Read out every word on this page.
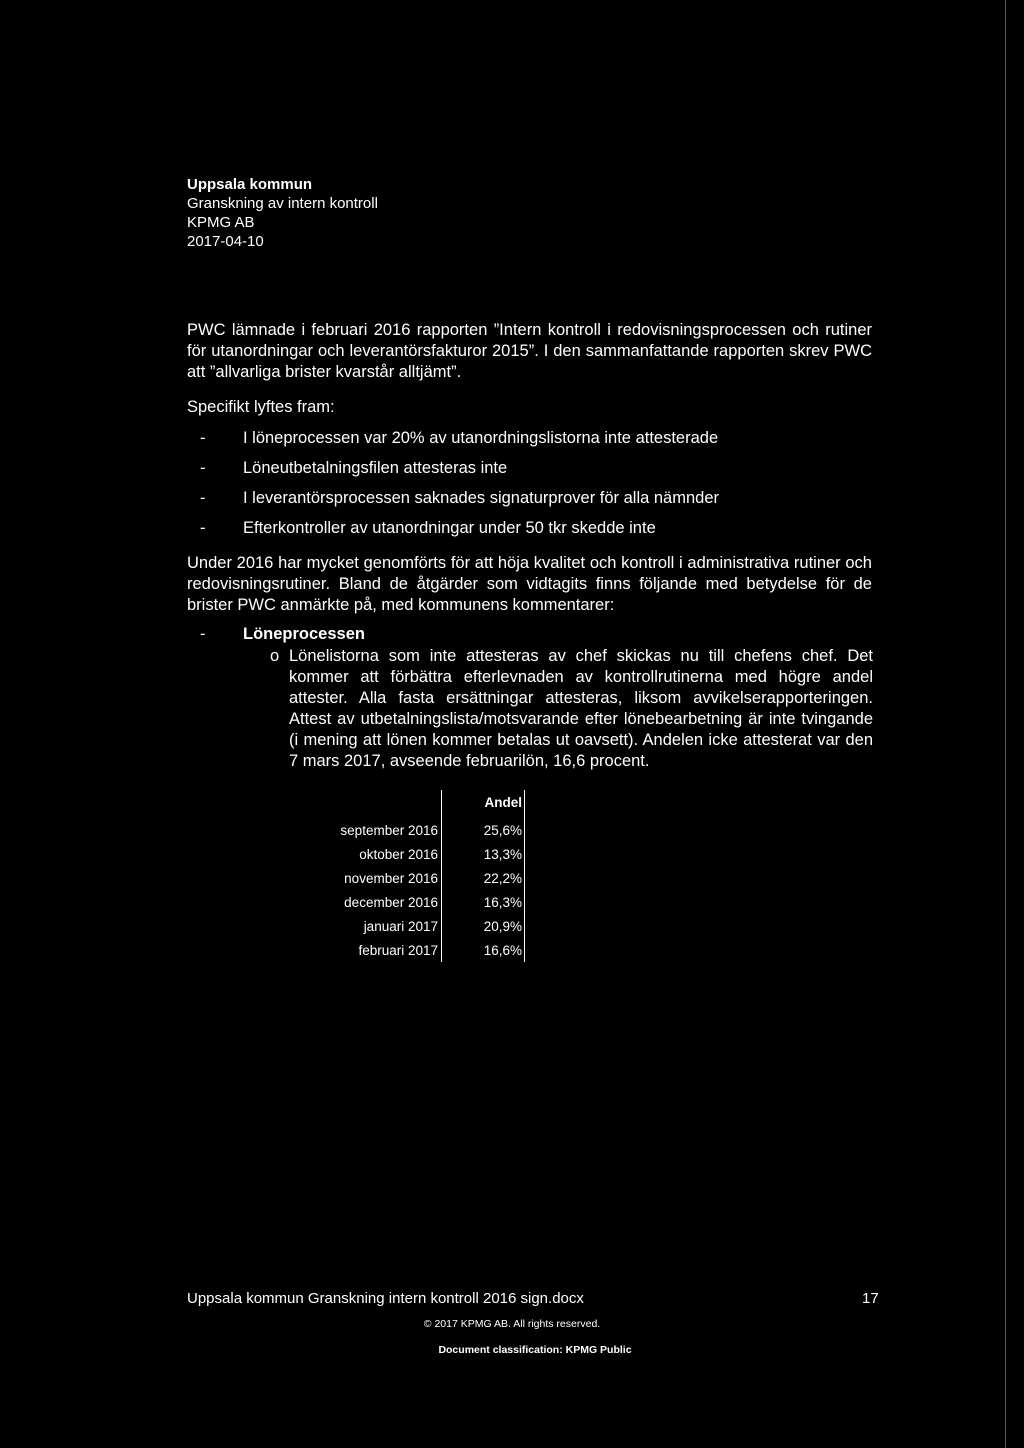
Uppsala kommun
Granskning av intern kontroll
KPMG AB
2017-04-10

PWC lämnade i februari 2016 rapporten ”Intern kontroll i redovisningsprocessen och rutiner för utanordningar och leverantörsfakturor 2015”. I den sammanfattande rapporten skrev PWC att ”allvarliga brister kvarstår alltjämt”.

Specifikt lyftes fram:
- I löneprocessen var 20% av utanordningslistorna inte attesterade
- Löneutbetalningsfilen attesteras inte
- I leverantörsprocessen saknades signaturprover för alla nämnder
- Efterkontroller av utanordningar under 50 tkr skedde inte
Under 2016 har mycket genomförts för att höja kvalitet och kontroll i administrativa rutiner och redovisningsrutiner. Bland de åtgärder som vidtagits finns följande med betydelse för de brister PWC anmärkte på, med kommunens kommentarer:
- Löneprocessen
o Lönelistorna som inte attesteras av chef skickas nu till chefens chef. Det kommer att förbättra efterlevnaden av kontrollrutinerna med högre andel attester. Alla fasta ersättningar attesteras, liksom avvikelserapporteringen. Attest av utbetalningslista/motsvarande efter lönebearbetning är inte tvingande (i mening att lönen kommer betalas ut oavsett). Andelen icke attesterat var den 7 mars 2017, avseende februarilön, 16,6 procent.
Andel
september 2016	25,6%
oktober 2016	13,3%
november 2016	22,2%
december 2016	16,3%
januari 2017	20,9%
februari 2017	16,6%
Uppsala kommun Granskning intern kontroll 2016 sign.docx	17
© 2017 KPMG AB. All rights reserved.
Document classification: KPMG Public
